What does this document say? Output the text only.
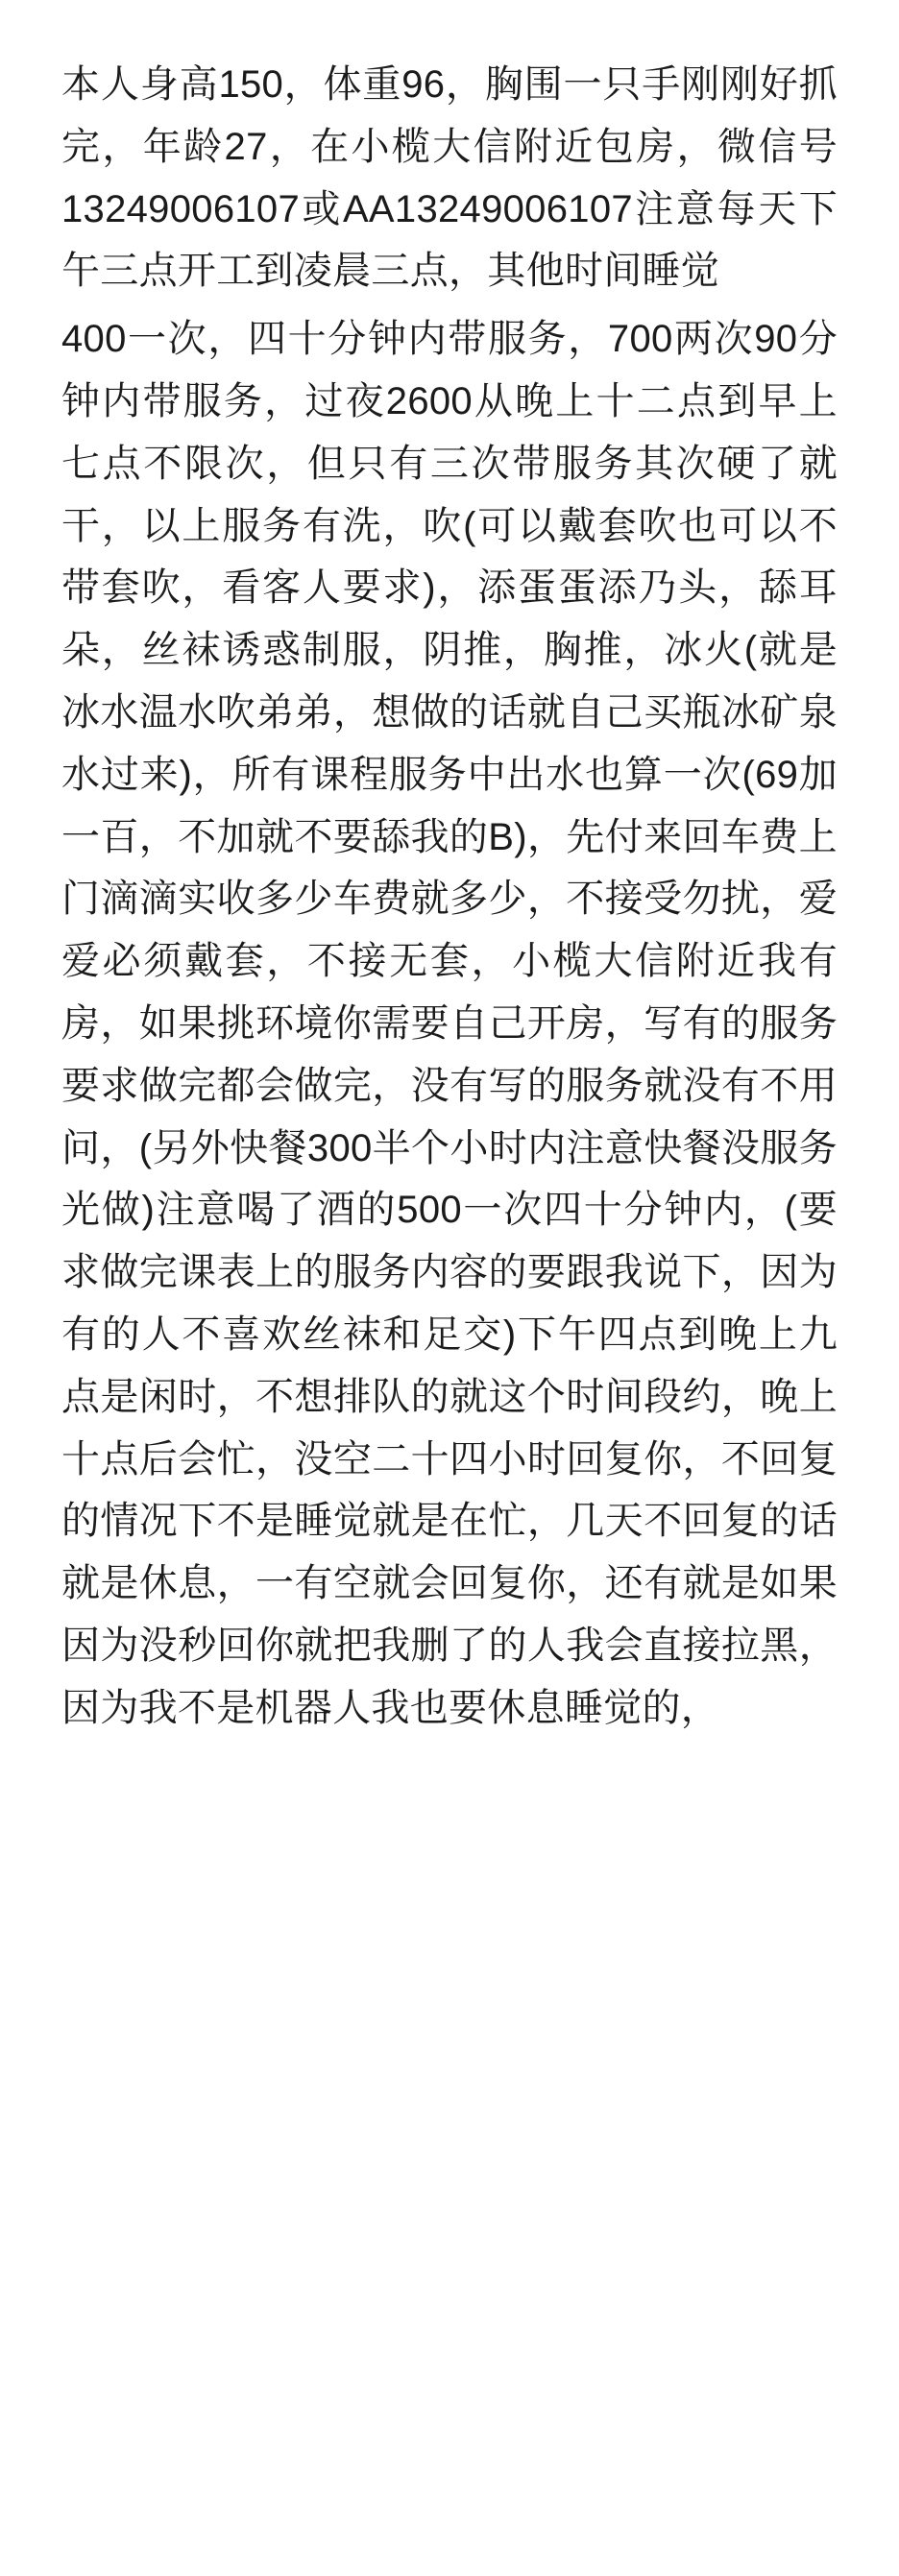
本人身高150，体重96，胸围一只手刚刚好抓完，年龄27，在小榄大信附近包房，微信号13249006107或AA13249006107注意每天下午三点开工到凌晨三点，其他时间睡觉

400一次，四十分钟内带服务，700两次90分钟内带服务，过夜2600从晚上十二点到早上七点不限次，但只有三次带服务其次硬了就干，以上服务有洗，吹(可以戴套吹也可以不带套吹，看客人要求)，添蛋蛋添乃头，舔耳朵，丝袜诱惑制服，阴推，胸推，冰火(就是冰水温水吹弟弟，想做的话就自己买瓶冰矿泉水过来)，所有课程服务中出水也算一次(69加一百，不加就不要舔我的B)，先付来回车费上门滴滴实收多少车费就多少，不接受勿扰，爱爱必须戴套，不接无套，小榄大信附近我有房，如果挑环境你需要自己开房，写有的服务要求做完都会做完，没有写的服务就没有不用问，(另外快餐300半个小时内注意快餐没服务光做)注意喝了酒的500一次四十分钟内，(要求做完课表上的服务内容的要跟我说下，因为有的人不喜欢丝袜和足交)下午四点到晚上九点是闲时，不想排队的就这个时间段约，晚上十点后会忙，没空二十四小时回复你，不回复的情况下不是睡觉就是在忙，几天不回复的话就是休息，一有空就会回复你，还有就是如果因为没秒回你就把我删了的人我会直接拉黑，因为我不是机器人我也要休息睡觉的，
